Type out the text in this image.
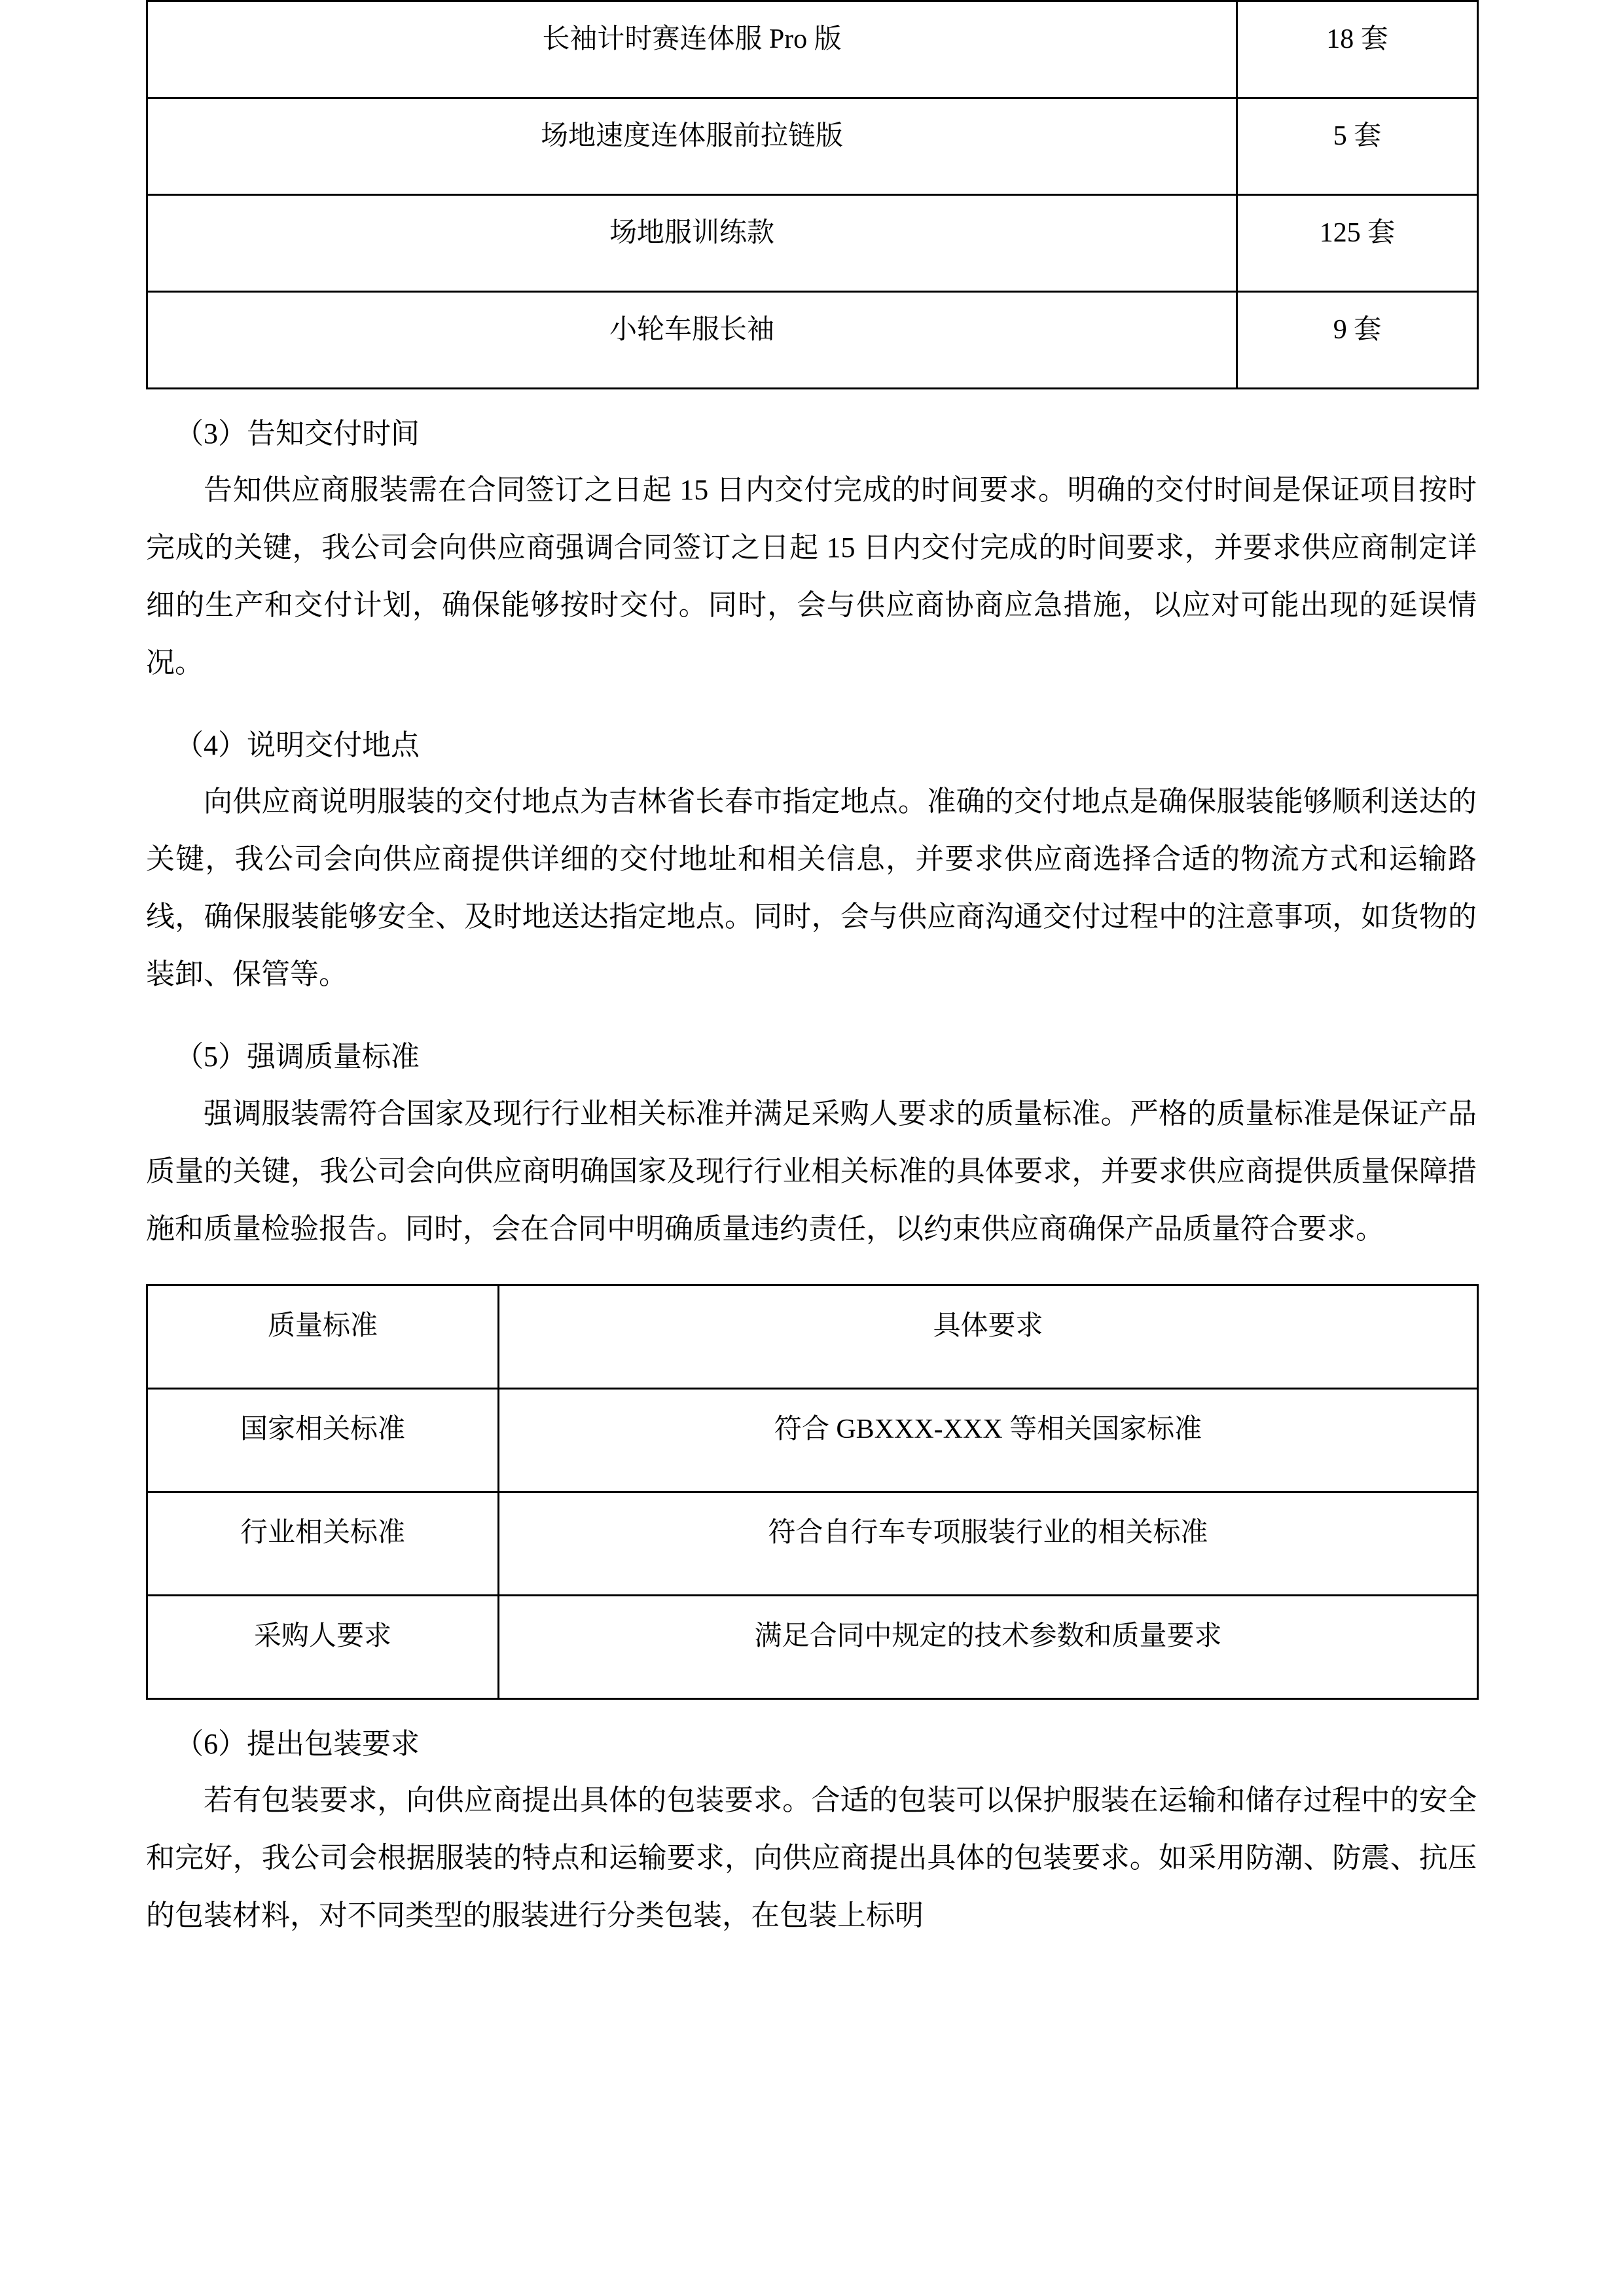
长袖计时赛连体服 Pro 版	18 套
场地速度连体服前拉链版	5 套
场地服训练款	125 套
小轮车服长袖	9 套

（3）告知交付时间

告知供应商服装需在合同签订之日起 15 日内交付完成的时间要求。明确的交付时间是保证项目按时完成的关键，我公司会向供应商强调合同签订之日起 15 日内交付完成的时间要求，并要求供应商制定详细的生产和交付计划，确保能够按时交付。同时，会与供应商协商应急措施，以应对可能出现的延误情况。

（4）说明交付地点

向供应商说明服装的交付地点为吉林省长春市指定地点。准确的交付地点是确保服装能够顺利送达的关键，我公司会向供应商提供详细的交付地址和相关信息，并要求供应商选择合适的物流方式和运输路线，确保服装能够安全、及时地送达指定地点。同时，会与供应商沟通交付过程中的注意事项，如货物的装卸、保管等。

（5）强调质量标准

强调服装需符合国家及现行行业相关标准并满足采购人要求的质量标准。严格的质量标准是保证产品质量的关键，我公司会向供应商明确国家及现行行业相关标准的具体要求，并要求供应商提供质量保障措施和质量检验报告。同时，会在合同中明确质量违约责任，以约束供应商确保产品质量符合要求。

质量标准	具体要求
国家相关标准	符合 GBXXX-XXX 等相关国家标准
行业相关标准	符合自行车专项服装行业的相关标准
采购人要求	满足合同中规定的技术参数和质量要求

（6）提出包装要求

若有包装要求，向供应商提出具体的包装要求。合适的包装可以保护服装在运输和储存过程中的安全和完好，我公司会根据服装的特点和运输要求，向供应商提出具体的包装要求。如采用防潮、防震、抗压的包装材料，对不同类型的服装进行分类包装，在包装上标明
